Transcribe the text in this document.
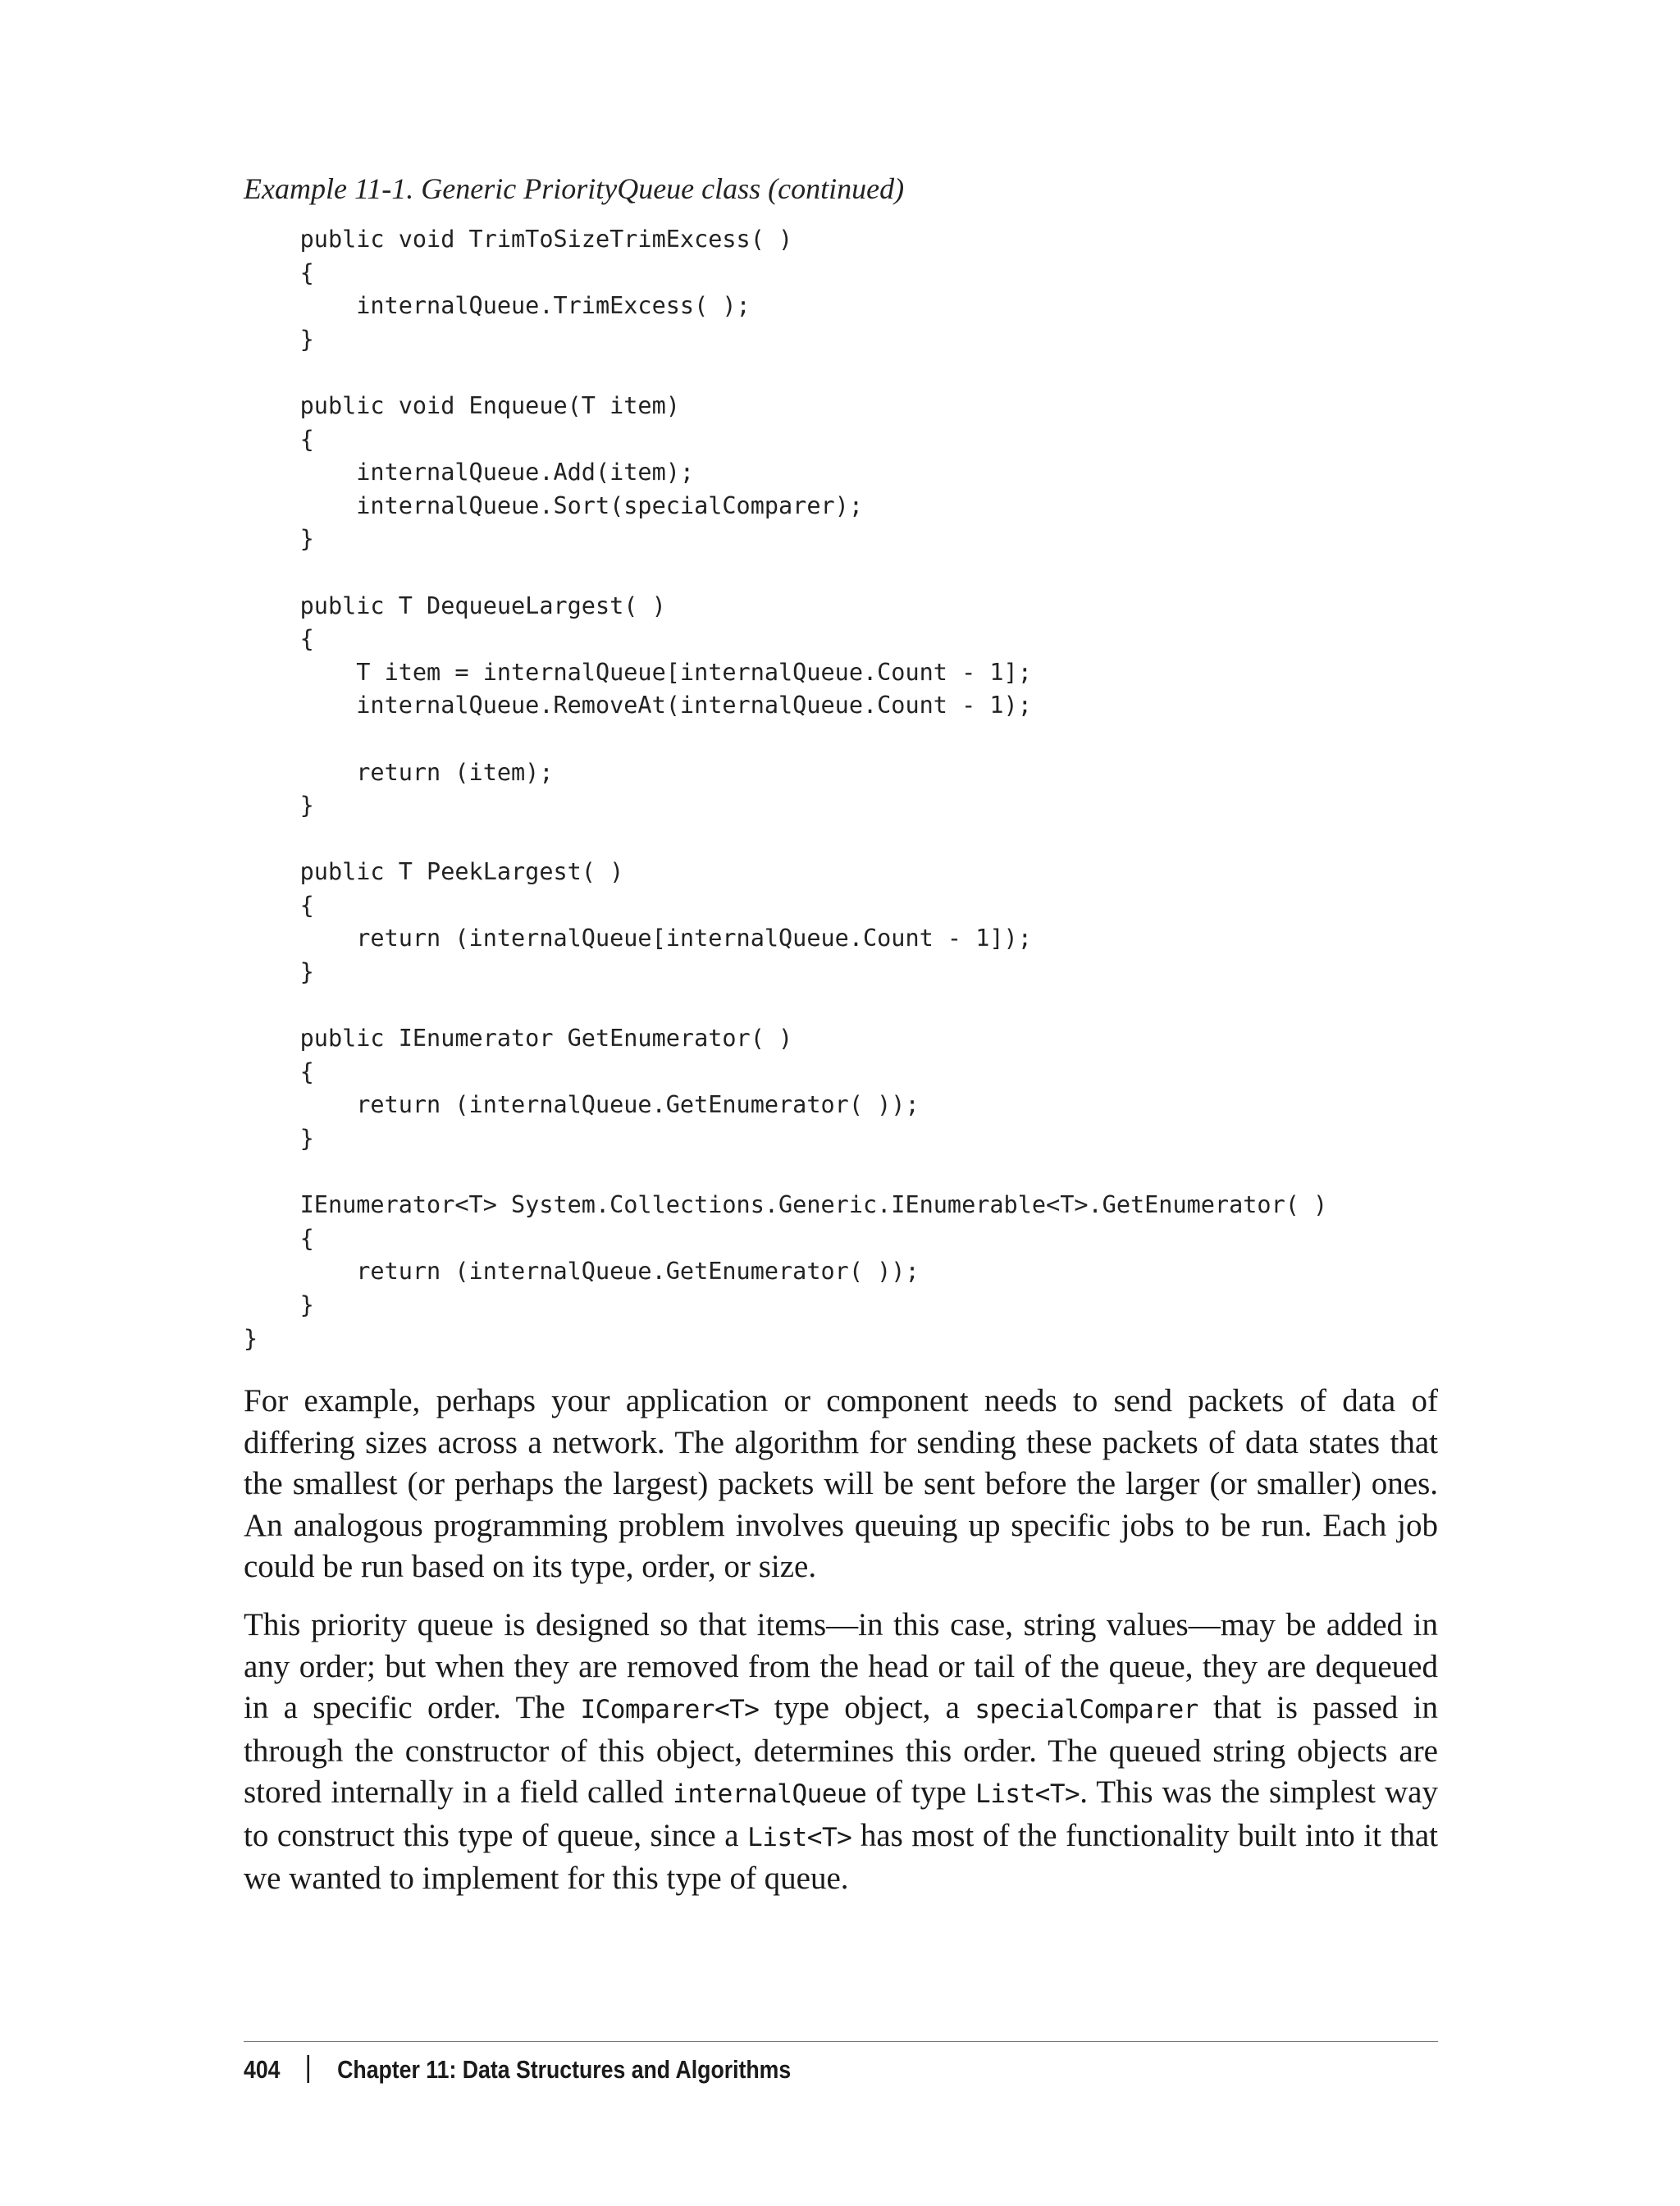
Example 11-1. Generic PriorityQueue class (continued)
public void TrimToSizeTrimExcess( )
{
internalQueue.TrimExcess( );
}
public void Enqueue(T item)
{
internalQueue.Add(item);
internalQueue.Sort(specialComparer);
}
public T DequeueLargest( )
{
T item = internalQueue[internalQueue.Count - 1];
internalQueue.RemoveAt(internalQueue.Count - 1);
return (item);
}
public T PeekLargest( )
{
return (internalQueue[internalQueue.Count - 1]);
}
public IEnumerator GetEnumerator( )
{
return (internalQueue.GetEnumerator( ));
}
IEnumerator<T> System.Collections.Generic.IEnumerable<T>.GetEnumerator( )
{
return (internalQueue.GetEnumerator( ));
}
}

For example, perhaps your application or component needs to send packets of data of differing sizes across a network. The algorithm for sending these packets of data states that the smallest (or perhaps the largest) packets will be sent before the larger (or smaller) ones. An analogous programming problem involves queuing up specific jobs to be run. Each job could be run based on its type, order, or size.

This priority queue is designed so that items—in this case, string values—may be added in any order; but when they are removed from the head or tail of the queue, they are dequeued in a specific order. The IComparer<T> type object, a specialComparer that is passed in through the constructor of this object, determines this order. The queued string objects are stored internally in a field called internalQueue of type List<T>. This was the simplest way to construct this type of queue, since a List<T> has most of the functionality built into it that we wanted to implement for this type of queue.

404 Chapter 11: Data Structures and Algorithms
